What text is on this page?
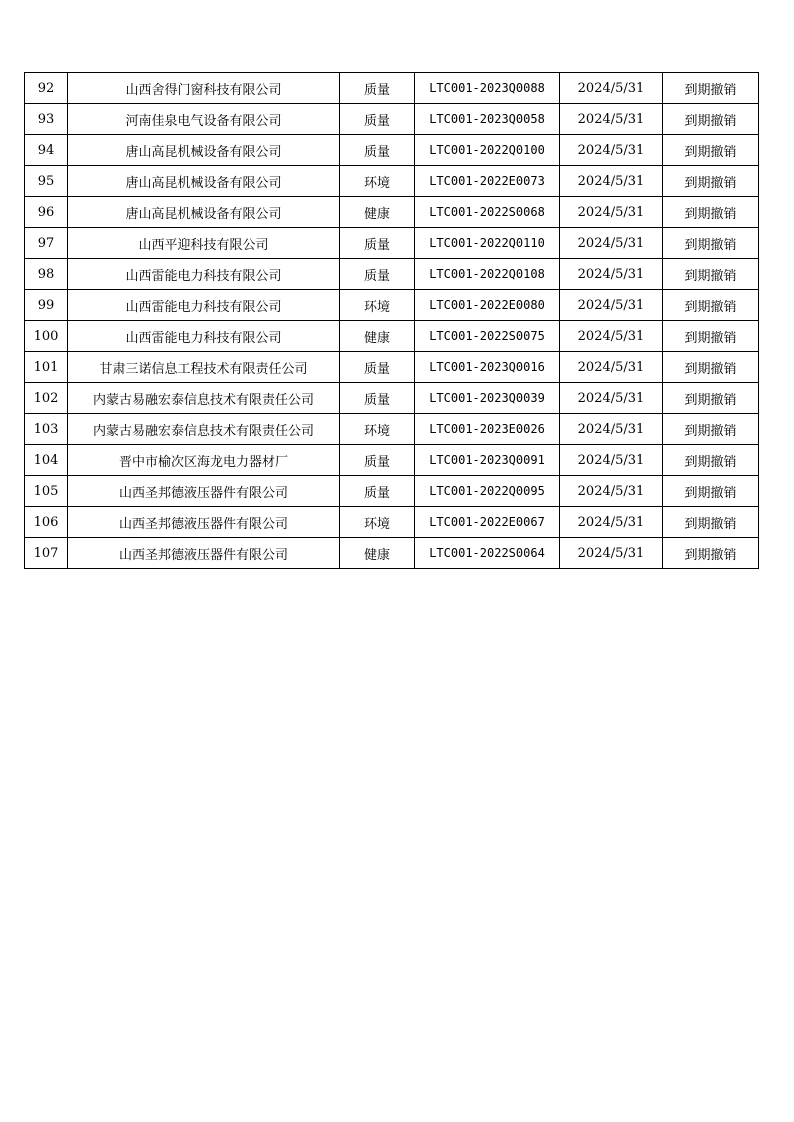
92	山西舍得门窗科技有限公司	质量	LTC001-2023Q0088	2024/5/31	到期撤销
93	河南佳泉电气设备有限公司	质量	LTC001-2023Q0058	2024/5/31	到期撤销
94	唐山高昆机械设备有限公司	质量	LTC001-2022Q0100	2024/5/31	到期撤销
95	唐山高昆机械设备有限公司	环境	LTC001-2022E0073	2024/5/31	到期撤销
96	唐山高昆机械设备有限公司	健康	LTC001-2022S0068	2024/5/31	到期撤销
97	山西平迎科技有限公司	质量	LTC001-2022Q0110	2024/5/31	到期撤销
98	山西雷能电力科技有限公司	质量	LTC001-2022Q0108	2024/5/31	到期撤销
99	山西雷能电力科技有限公司	环境	LTC001-2022E0080	2024/5/31	到期撤销
100	山西雷能电力科技有限公司	健康	LTC001-2022S0075	2024/5/31	到期撤销
101	甘肃三诺信息工程技术有限责任公司	质量	LTC001-2023Q0016	2024/5/31	到期撤销
102	内蒙古易融宏泰信息技术有限责任公司	质量	LTC001-2023Q0039	2024/5/31	到期撤销
103	内蒙古易融宏泰信息技术有限责任公司	环境	LTC001-2023E0026	2024/5/31	到期撤销
104	晋中市榆次区海龙电力器材厂	质量	LTC001-2023Q0091	2024/5/31	到期撤销
105	山西圣邦德液压器件有限公司	质量	LTC001-2022Q0095	2024/5/31	到期撤销
106	山西圣邦德液压器件有限公司	环境	LTC001-2022E0067	2024/5/31	到期撤销
107	山西圣邦德液压器件有限公司	健康	LTC001-2022S0064	2024/5/31	到期撤销
